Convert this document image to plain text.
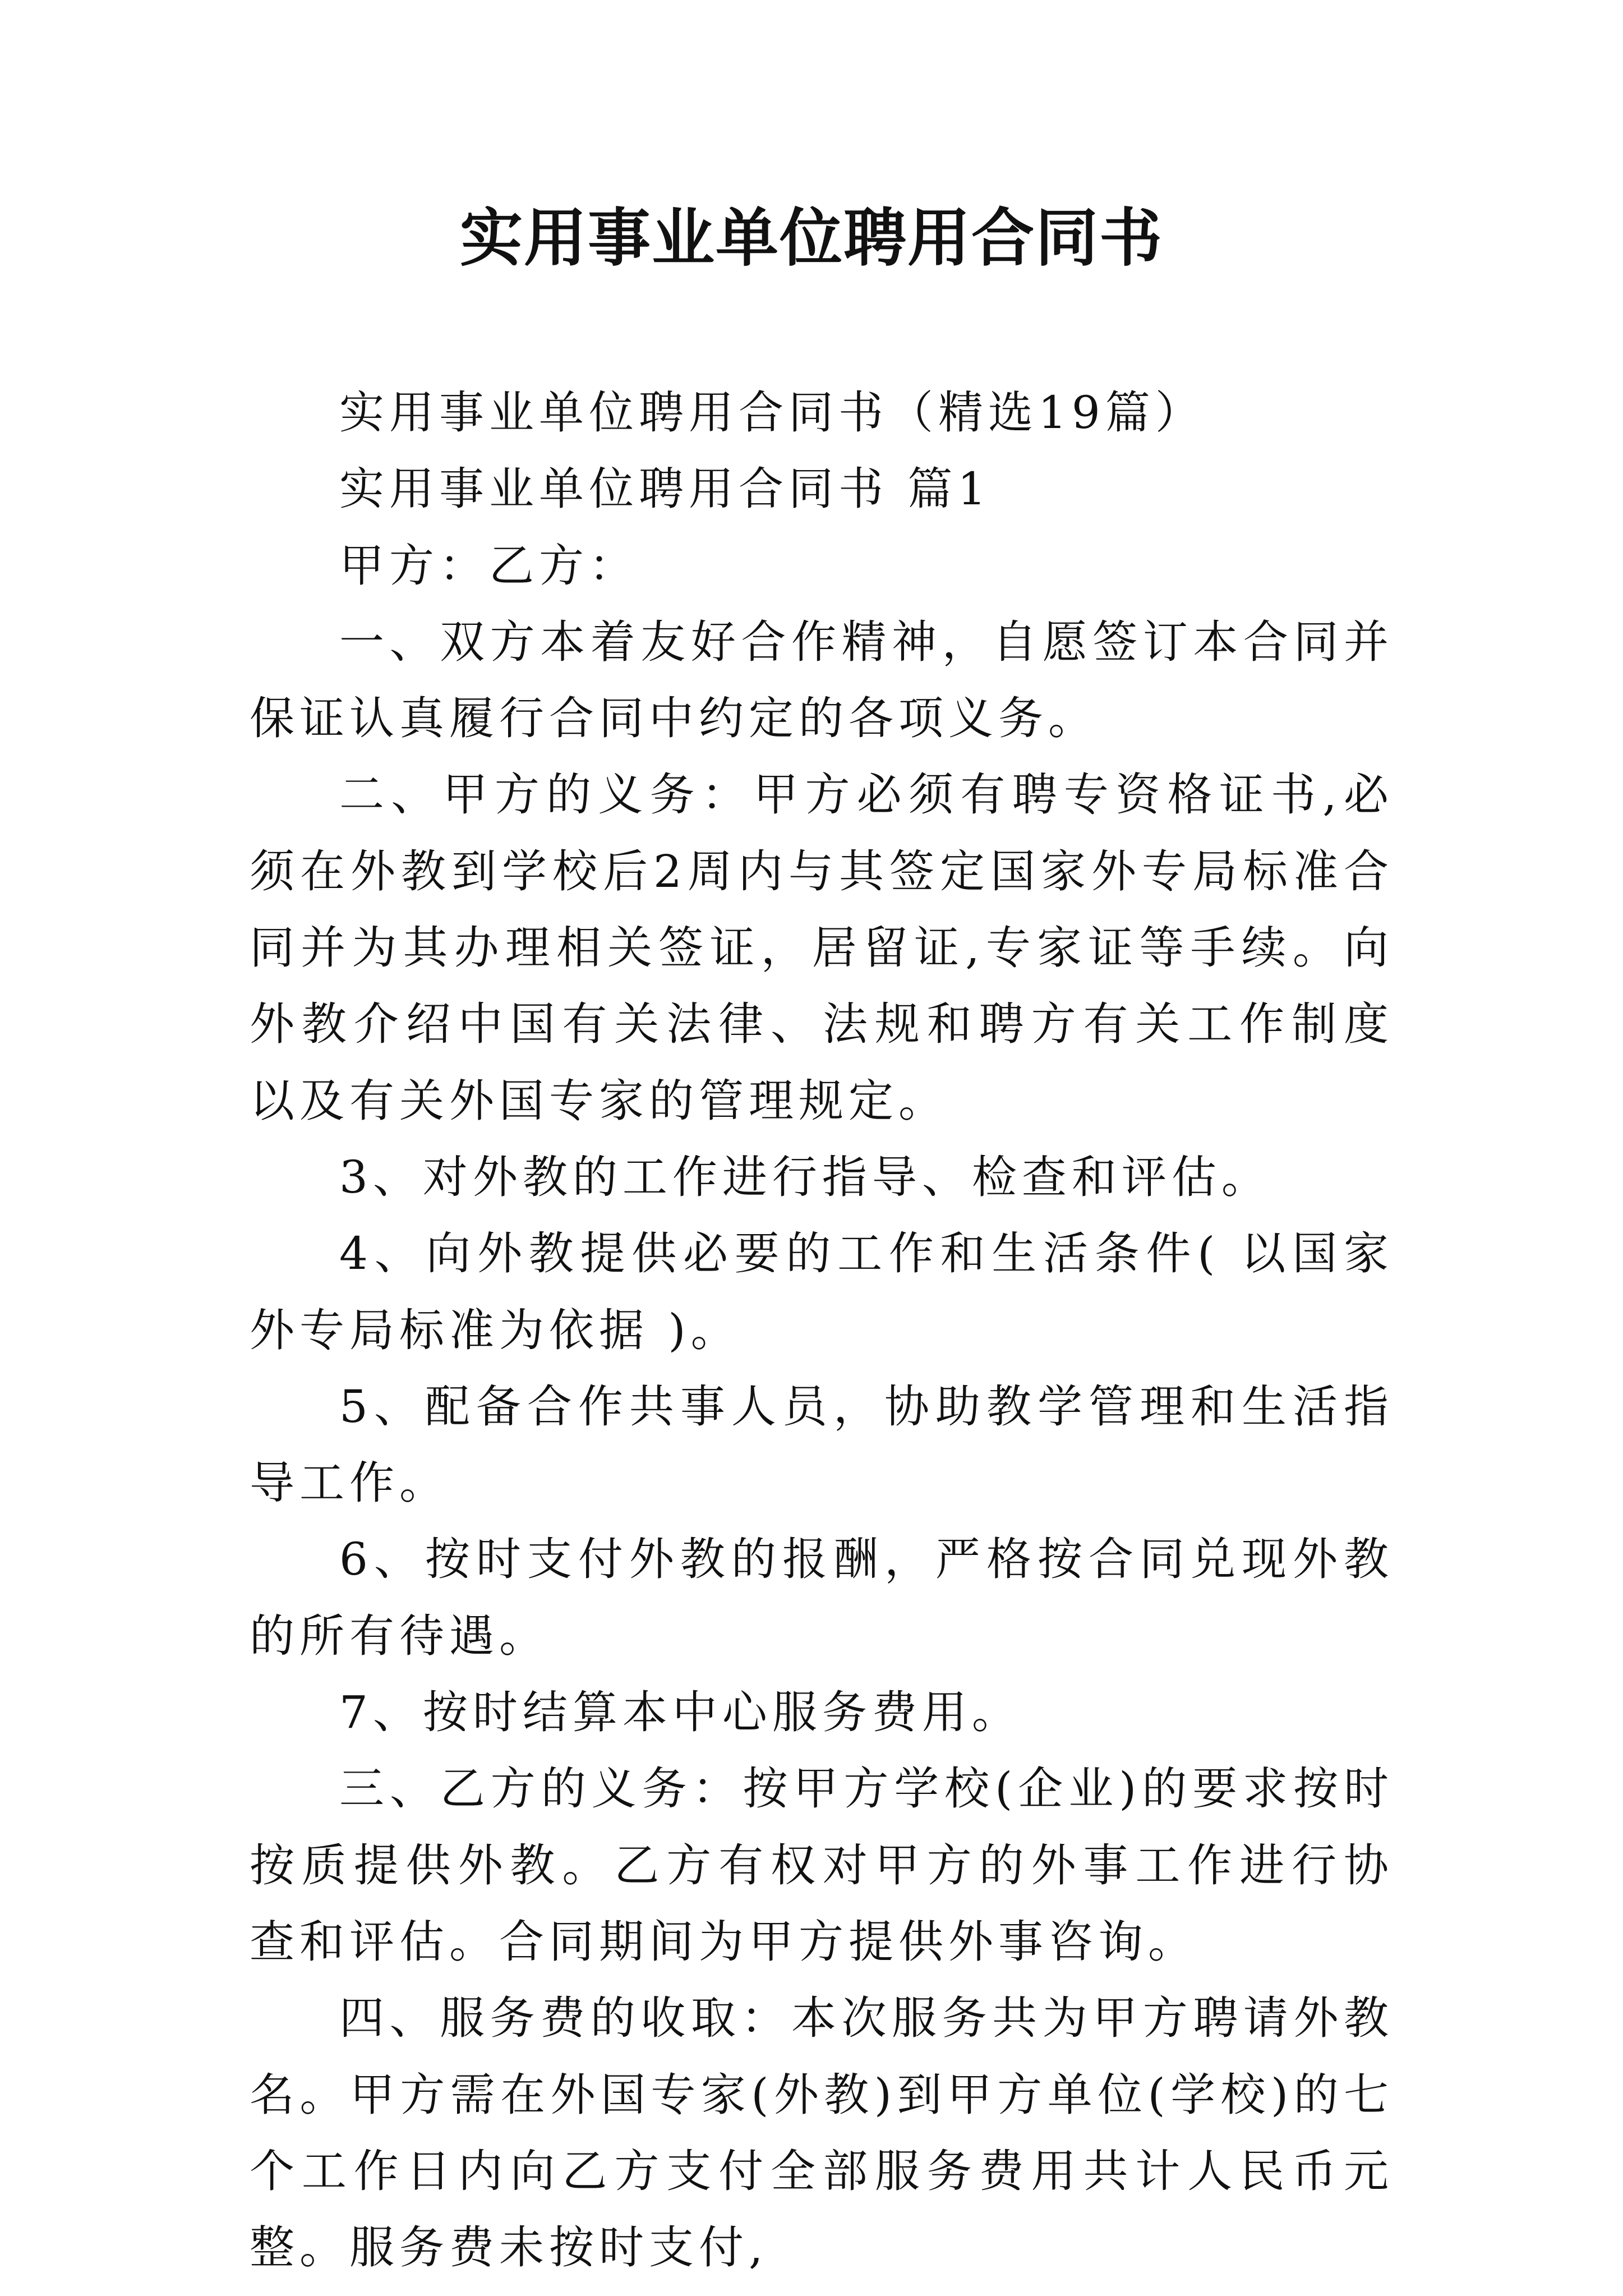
实用事业单位聘用合同书

实用事业单位聘用合同书（精选19篇）

实用事业单位聘用合同书 篇1

甲方：乙方：

一、双方本着友好合作精神，自愿签订本合同并保证认真履行合同中约定的各项义务。

二、甲方的义务：甲方必须有聘专资格证书,必须在外教到学校后2周内与其签定国家外专局标准合同并为其办理相关签证，居留证,专家证等手续。向外教介绍中国有关法律、法规和聘方有关工作制度以及有关外国专家的管理规定。

3、对外教的工作进行指导、检查和评估。

4、向外教提供必要的工作和生活条件( 以国家外专局标准为依据 )。

5、配备合作共事人员，协助教学管理和生活指导工作。

6、按时支付外教的报酬，严格按合同兑现外教的所有待遇。

7、按时结算本中心服务费用。

三、乙方的义务：按甲方学校(企业)的要求按时按质提供外教。乙方有权对甲方的外事工作进行协查和评估。合同期间为甲方提供外事咨询。

四、服务费的收取：本次服务共为甲方聘请外教名。甲方需在外国专家(外教)到甲方单位(学校)的七个工作日内向乙方支付全部服务费用共计人民币元整。服务费未按时支付,
